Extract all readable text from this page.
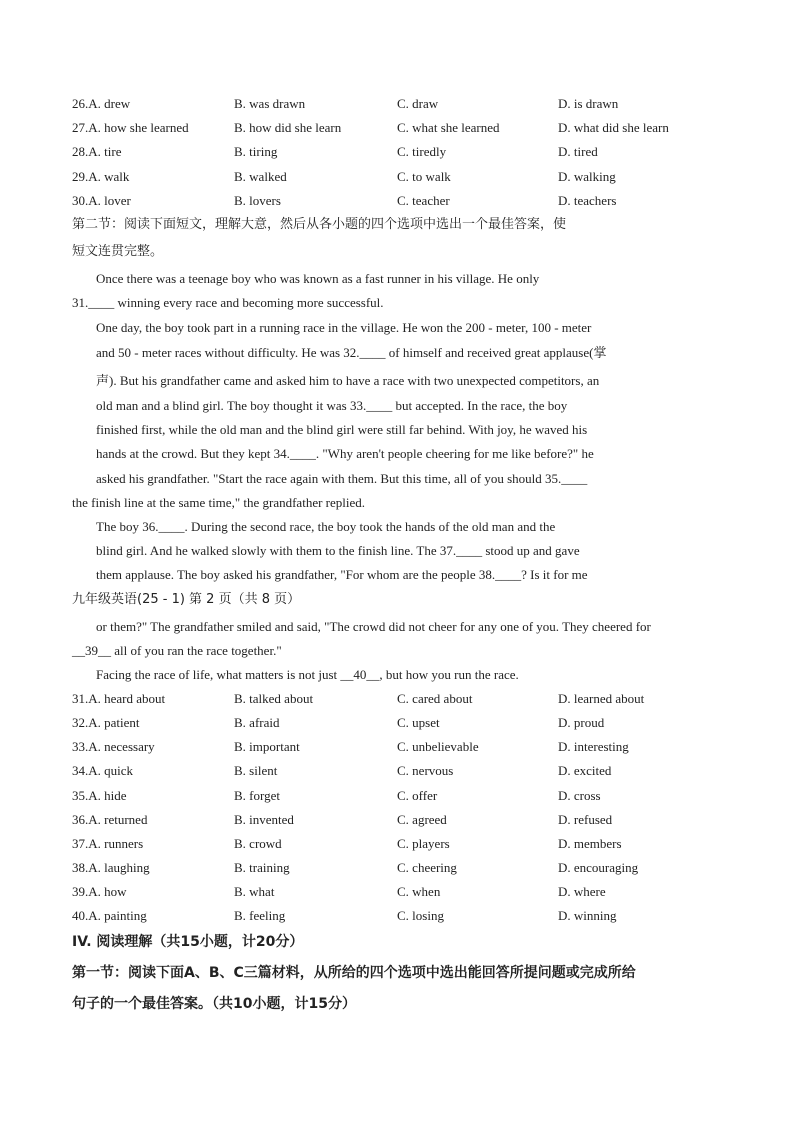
26.A. drew	B. was drawn	C. draw	D. is drawn
27.A. how she learned	B. how did she learn	C. what she learned	D. what did she learn
28.A. tire	B. tiring	C. tiredly	D. tired
29.A. walk	B. walked	C. to walk	D. walking
30.A. lover	B. lovers	C. teacher	D. teachers
第二节：阅读下面短文，理解大意，然后从各小题的四个选项中选出一个最佳答案，使
短文连贯完整。
Once there was a teenage boy who was known as a fast runner in his village. He only
31.____ winning every race and becoming more successful.
One day, the boy took part in a running race in the village. He won the 200 - meter, 100 - meter
and 50 - meter races without difficulty. He was 32.____ of himself and received great applause(掌
声). But his grandfather came and asked him to have a race with two unexpected competitors, an
old man and a blind girl. The boy thought it was 33.____ but accepted. In the race, the boy
finished first, while the old man and the blind girl were still far behind. With joy, he waved his
hands at the crowd. But they kept 34.____. "Why aren't people cheering for me like before?" he
asked his grandfather. "Start the race again with them. But this time, all of you should 35.____
the finish line at the same time," the grandfather replied.
The boy 36.____. During the second race, the boy took the hands of the old man and the
blind girl. And he walked slowly with them to the finish line. The 37.____ stood up and gave
them applause. The boy asked his grandfather, "For whom are the people 38.____? Is it for me
九年级英语(25 - 1) 第 2 页（共 8 页）
or them?" The grandfather smiled and said, "The crowd did not cheer for any one of you. They cheered for
__39__ all of you ran the race together."
Facing the race of life, what matters is not just __40__, but how you run the race.
31.A. heard about	B. talked about	C. cared about	D. learned about
32.A. patient	B. afraid	C. upset	D. proud
33.A. necessary	B. important	C. unbelievable	D. interesting
34.A. quick	B. silent	C. nervous	D. excited
35.A. hide	B. forget	C. offer	D. cross
36.A. returned	B. invented	C. agreed	D. refused
37.A. runners	B. crowd	C. players	D. members
38.A. laughing	B. training	C. cheering	D. encouraging
39.A. how	B. what	C. when	D. where
40.A. painting	B. feeling	C. losing	D. winning
IV. 阅读理解（共15小题，计20分）
第一节：阅读下面A、B、C三篇材料，从所给的四个选项中选出能回答所提问题或完成所给
句子的一个最佳答案。（共10小题，计15分）
